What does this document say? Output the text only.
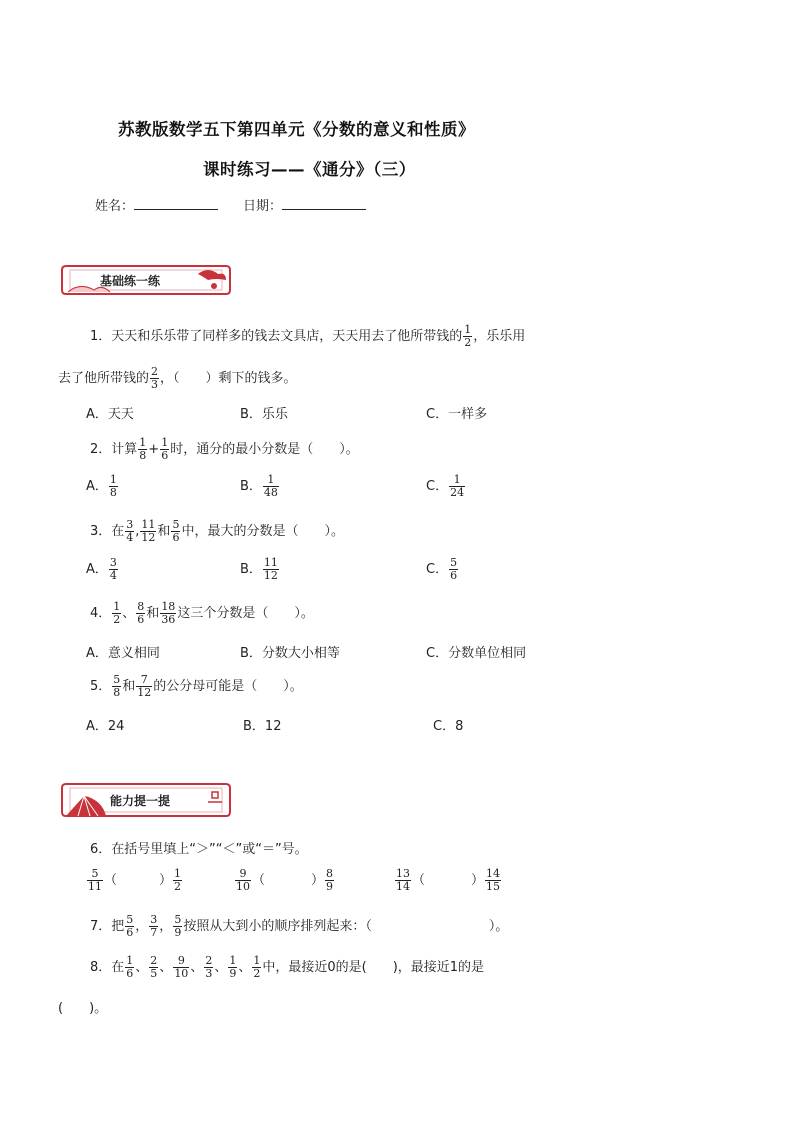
苏教版数学五下第四单元《分数的意义和性质》
课时练习——《通分》（三）
姓名：	日期：
基础练一练
1．天天和乐乐带了同样多的钱去文具店，天天用去了他所带钱的 $\frac{1}{2}$ ，乐乐用
去了他所带钱的 $\frac{2}{3}$ ，（　　）剩下的钱多。
A．天天	B．乐乐	C．一样多
2．计算 $\frac{1}{8} + \frac{1}{6}$ 时，通分的最小分数是（　　）。
A． $\frac{1}{8}$	B． $\frac{1}{48}$	C． $\frac{1}{24}$
3．在 $\frac{3}{4}$ , $\frac{11}{12}$ 和 $\frac{5}{6}$ 中，最大的分数是（　　）。
A． $\frac{3}{4}$	B． $\frac{11}{12}$	C． $\frac{5}{6}$
4． $\frac{1}{2}$ 、 $\frac{8}{6}$ 和 $\frac{18}{36}$ 这三个分数是（　　）。
A．意义相同	B．分数大小相等	C．分数单位相同
5． $\frac{5}{8}$ 和 $\frac{7}{12}$ 的公分母可能是（　　）。
A．24	B．12	C．8
能力提一提
6．在括号里填上“＞”“＜”或“＝”号。
$\frac{5}{11}$ （	） $\frac{1}{2}$	$\frac{9}{10}$ （	） $\frac{8}{9}$	$\frac{13}{14}$ （	） $\frac{14}{15}$
7．把 $\frac{5}{6}$ ， $\frac{3}{7}$ ， $\frac{5}{9}$ 按照从大到小的顺序排列起来：（　　　　　　　　　）。
8．在 $\frac{1}{6}$ 、 $\frac{2}{5}$ 、 $\frac{9}{10}$ 、 $\frac{2}{3}$ 、 $\frac{1}{9}$ 、 $\frac{1}{2}$ 中，最接近0的是(　　)，最接近1的是
(　　)。
